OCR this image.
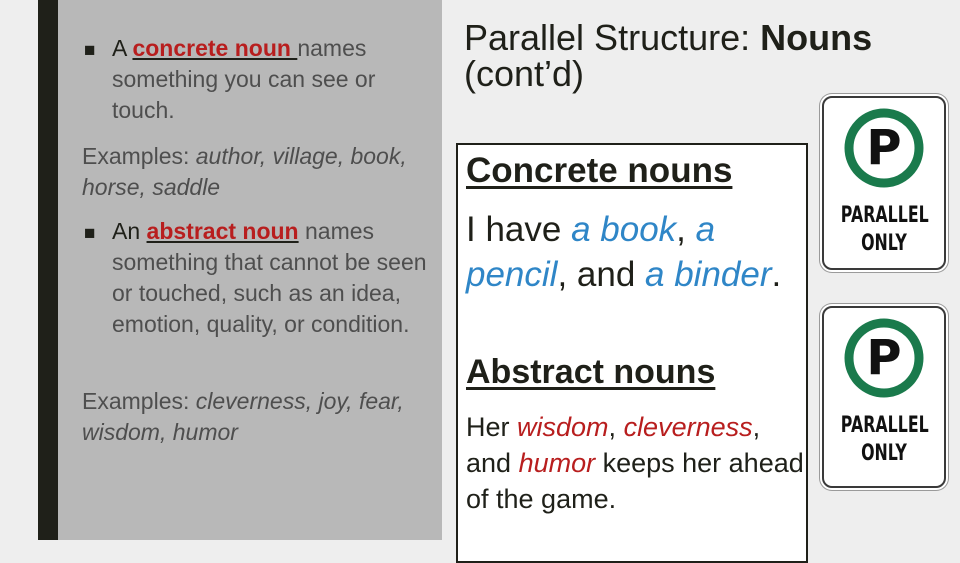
■ A concrete noun names something you can see or touch.
Examples: author, village, book, horse, saddle
■ An abstract noun names something that cannot be seen or touched, such as an idea, emotion, quality, or condition.
Examples: cleverness, joy, fear, wisdom, humor
Parallel Structure: Nouns
(cont’d)
Concrete nouns
I have a book, a pencil, and a binder.
Abstract nouns
Her wisdom, cleverness, and humor keeps her ahead of the game.
P
PARALLEL
ONLY
P
PARALLEL
ONLY
